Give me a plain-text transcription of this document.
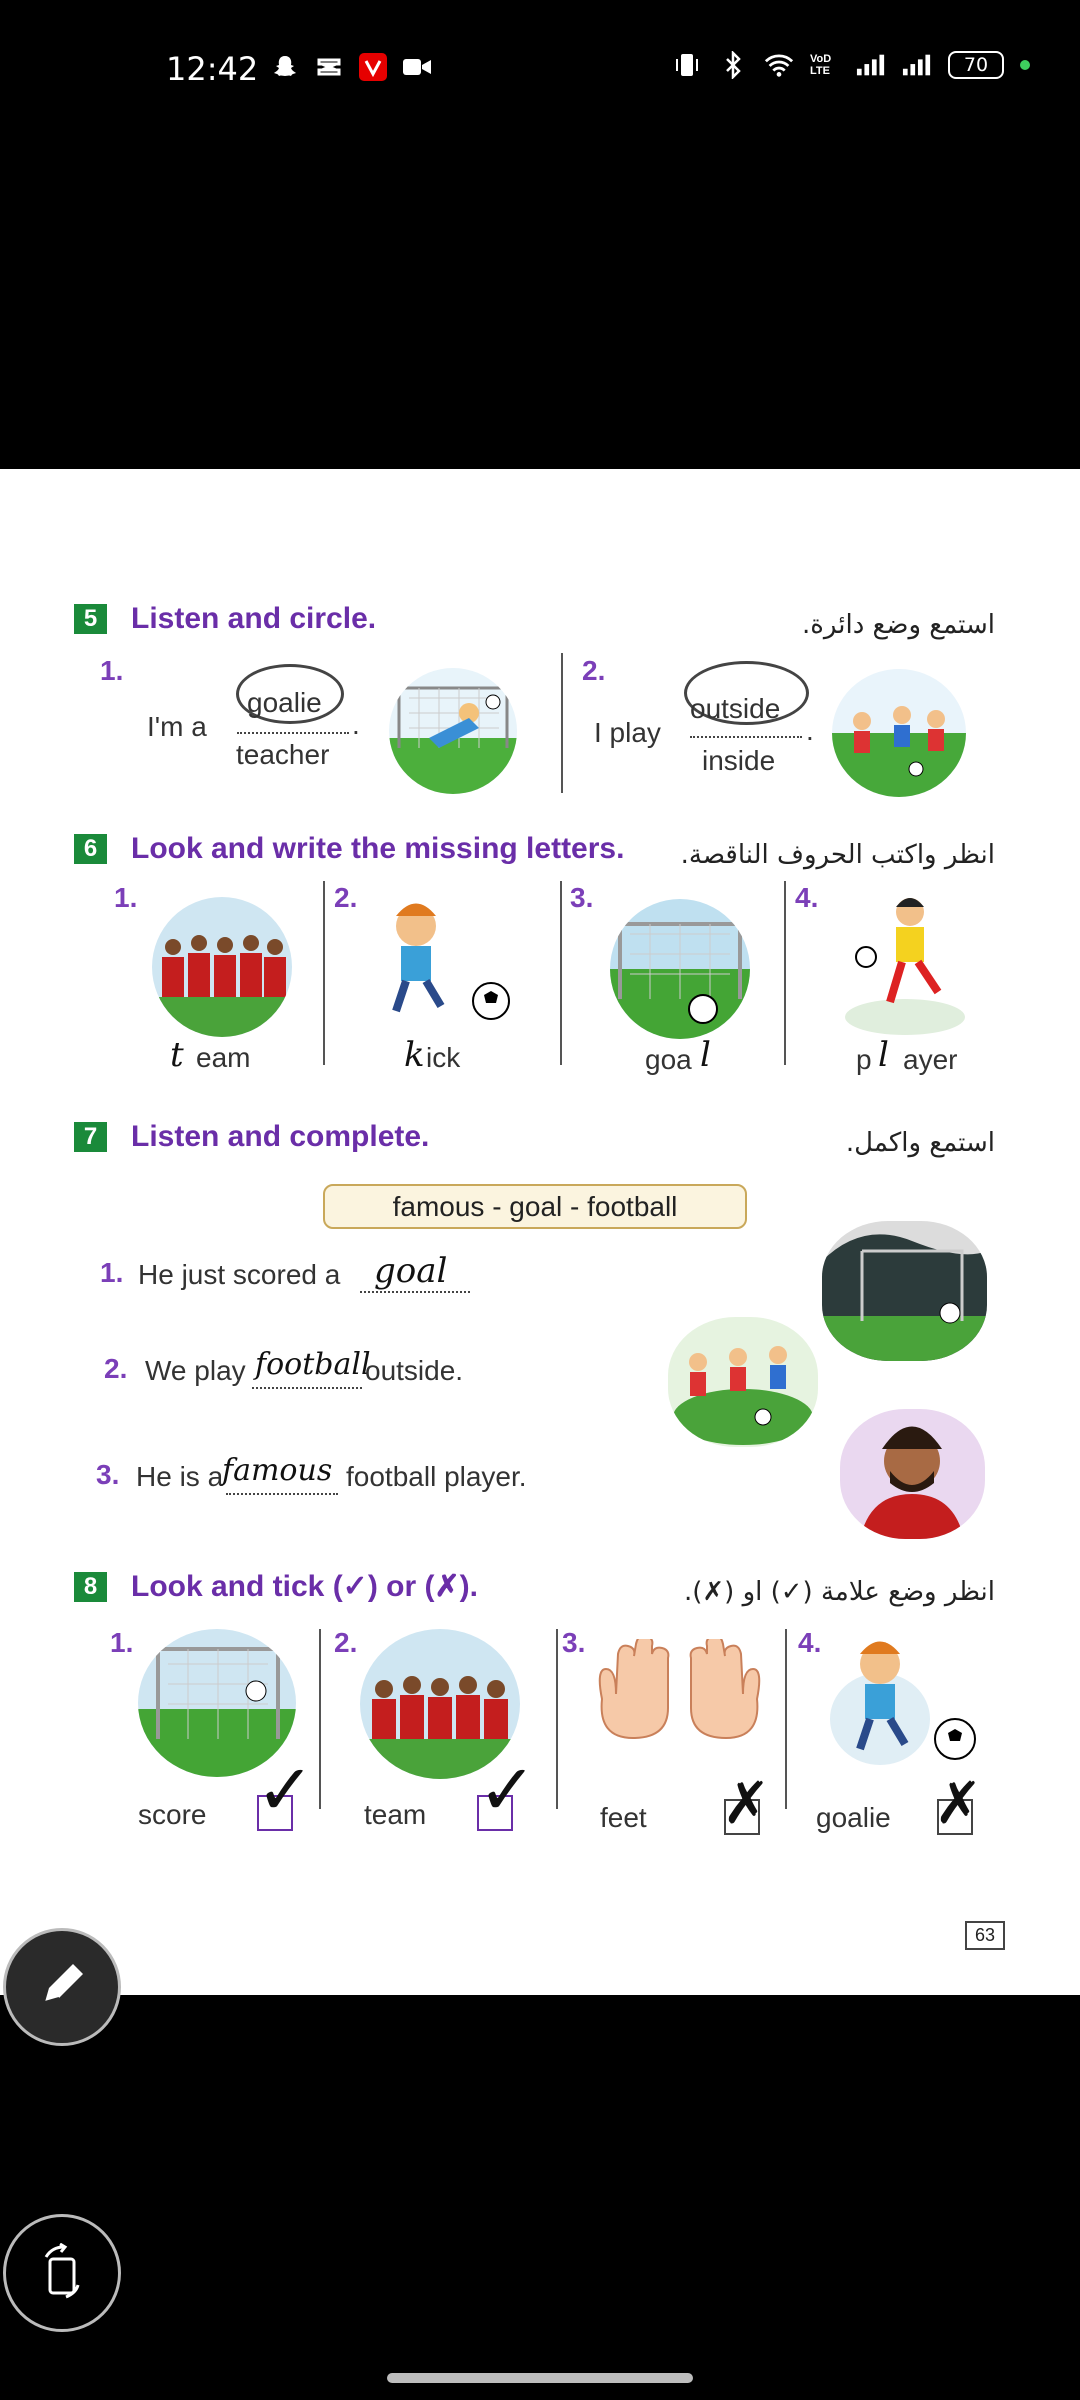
12:42	VoD LTE	70
5	Listen and circle.	استمع وضع دائرة.
1.
I'm a
goalie
teacher
.
2.
I play
outside
inside
.
6	Look and write the missing letters. انظر واكتب الحروف الناقصة.
1.
t eam
2.
k ick
3.
goa l
4.
p l ayer
7	Listen and complete.	استمع واكمل.
famous - goal - football
1. He just scored a goal
2. We play football
outside.
3. He is a
famous football player.
8	Look and tick (✓) or (✗).	انظر وضع علامة (✓) او (✗).
1.
score ✓
2.
team ✓
3.
feet ✗
4.
goalie ✗
63
